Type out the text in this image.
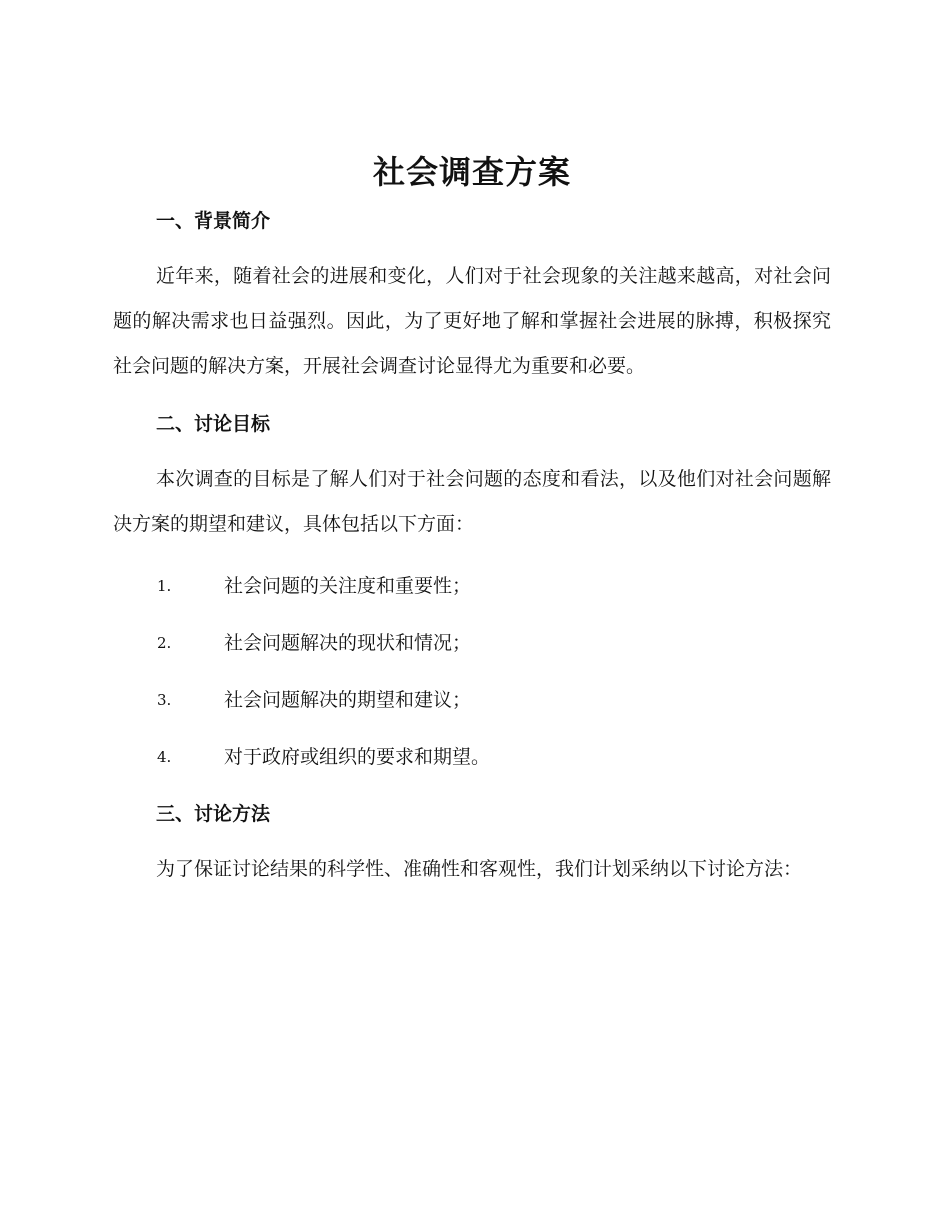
社会调查方案
一、背景简介

近年来，随着社会的进展和变化，人们对于社会现象的关注越来越高，对社会问题的解决需求也日益强烈。因此，为了更好地了解和掌握社会进展的脉搏，积极探究社会问题的解决方案，开展社会调查讨论显得尤为重要和必要。

二、讨论目标

本次调查的目标是了解人们对于社会问题的态度和看法，以及他们对社会问题解决方案的期望和建议，具体包括以下方面：

1.	社会问题的关注度和重要性；
2.	社会问题解决的现状和情况；
3.	社会问题解决的期望和建议；
4.	对于政府或组织的要求和期望。
三、讨论方法

为了保证讨论结果的科学性、准确性和客观性，我们计划采纳以下讨论方法：
